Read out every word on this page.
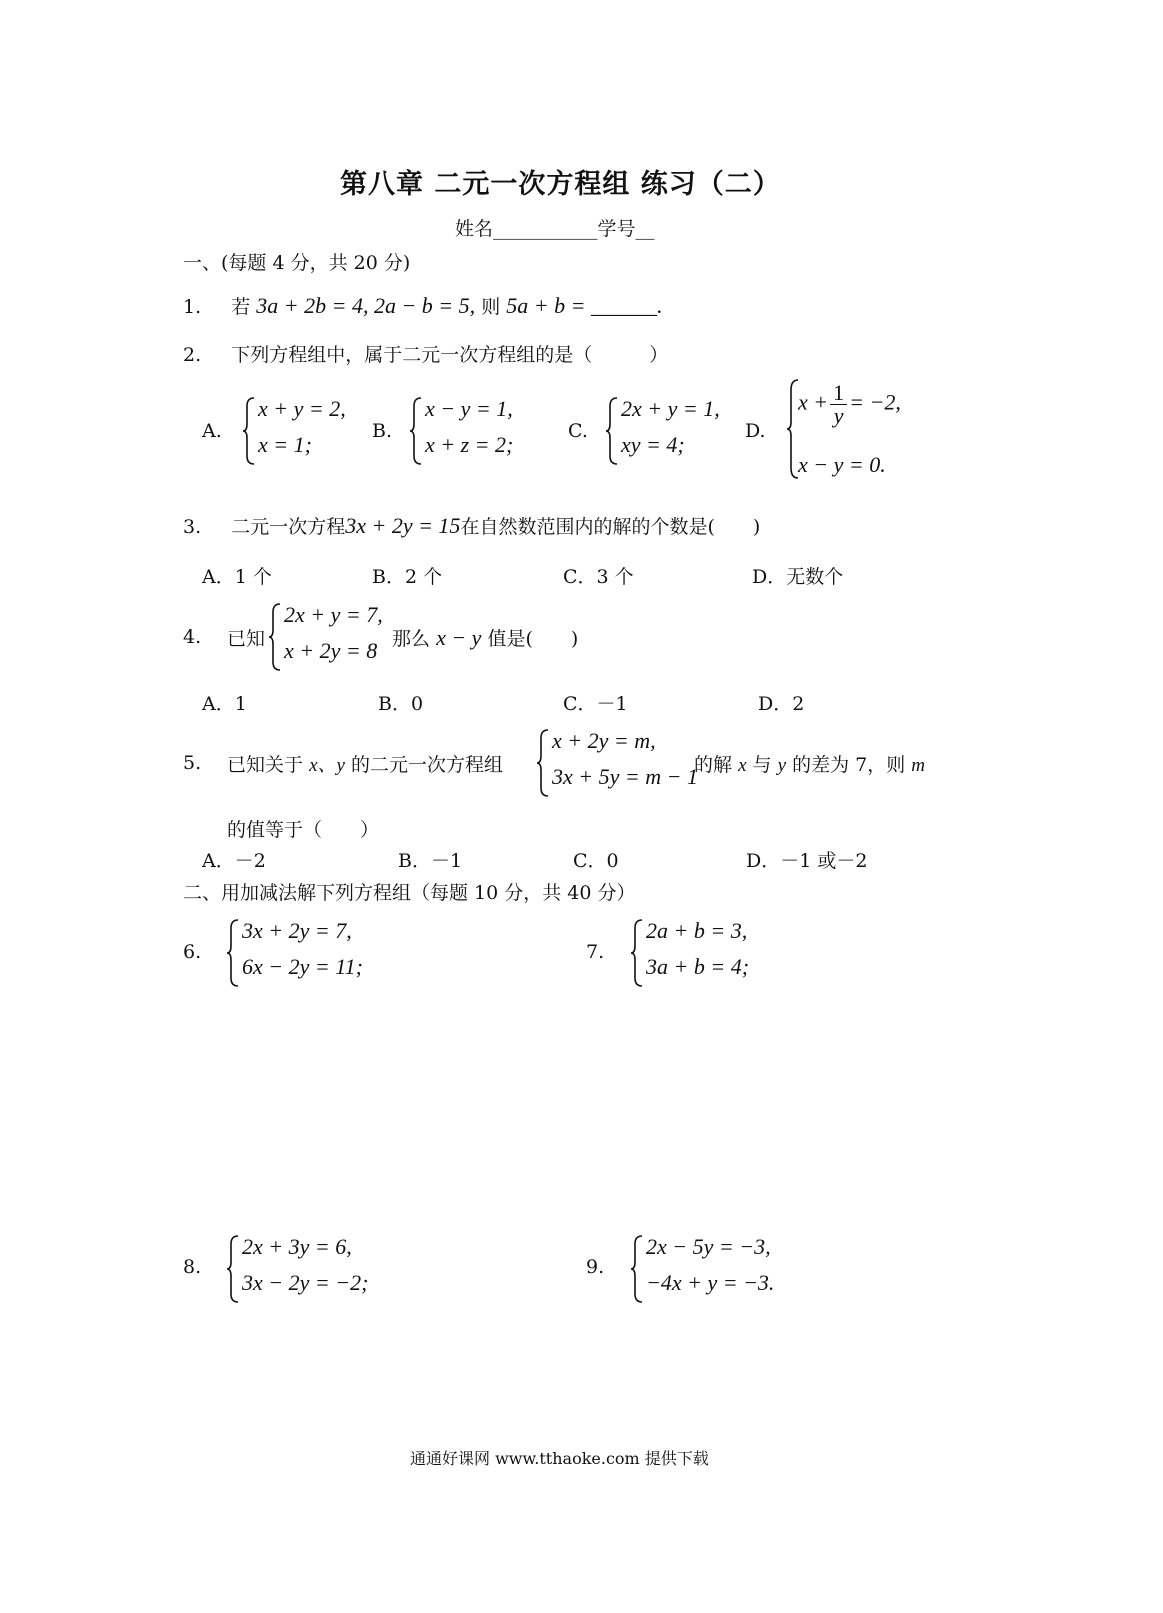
第八章 二元一次方程组 练习（二）
姓名___________学号__
一、(每题 4 分，共 20 分)
1. 若 3a + 2b = 4, 2a − b = 5, 则 5a + b = ______.
2. 下列方程组中，属于二元一次方程组的是（　　　）
A.
x + y = 2,
x = 1;
B.
x − y = 1,
x + z = 2;
C.
2x + y = 1,
xy = 4;
D.
$x + \frac{1}{y} = -2$,
x − y = 0.
3. 二元一次方程3x + 2y = 15在自然数范围内的解的个数是(　　)
A．1 个	B．2 个	C．3 个	D．无数个
4. 已知
2x + y = 7,
x + 2y = 8 那么 x − y 值是(　　)
A．1	B．0	C．－1	D．2
5. 已知关于 x、y 的二元一次方程组
x + 2y = m,
3x + 5y = m − 1
的解 x 与 y 的差为 7，则 m
的值等于（　　）
A．－2	B．－1	C．0	D．－1 或－2
二、用加减法解下列方程组（每题 10 分，共 40 分）
6.
3x + 2y = 7,
6x − 2y = 11;
7.
2a + b = 3,
3a + b = 4;
8.
2x + 3y = 6,
3x − 2y = −2;
9.
2x − 5y = −3,
−4x + y = −3.
通通好课网 www.tthaoke.com 提供下载
